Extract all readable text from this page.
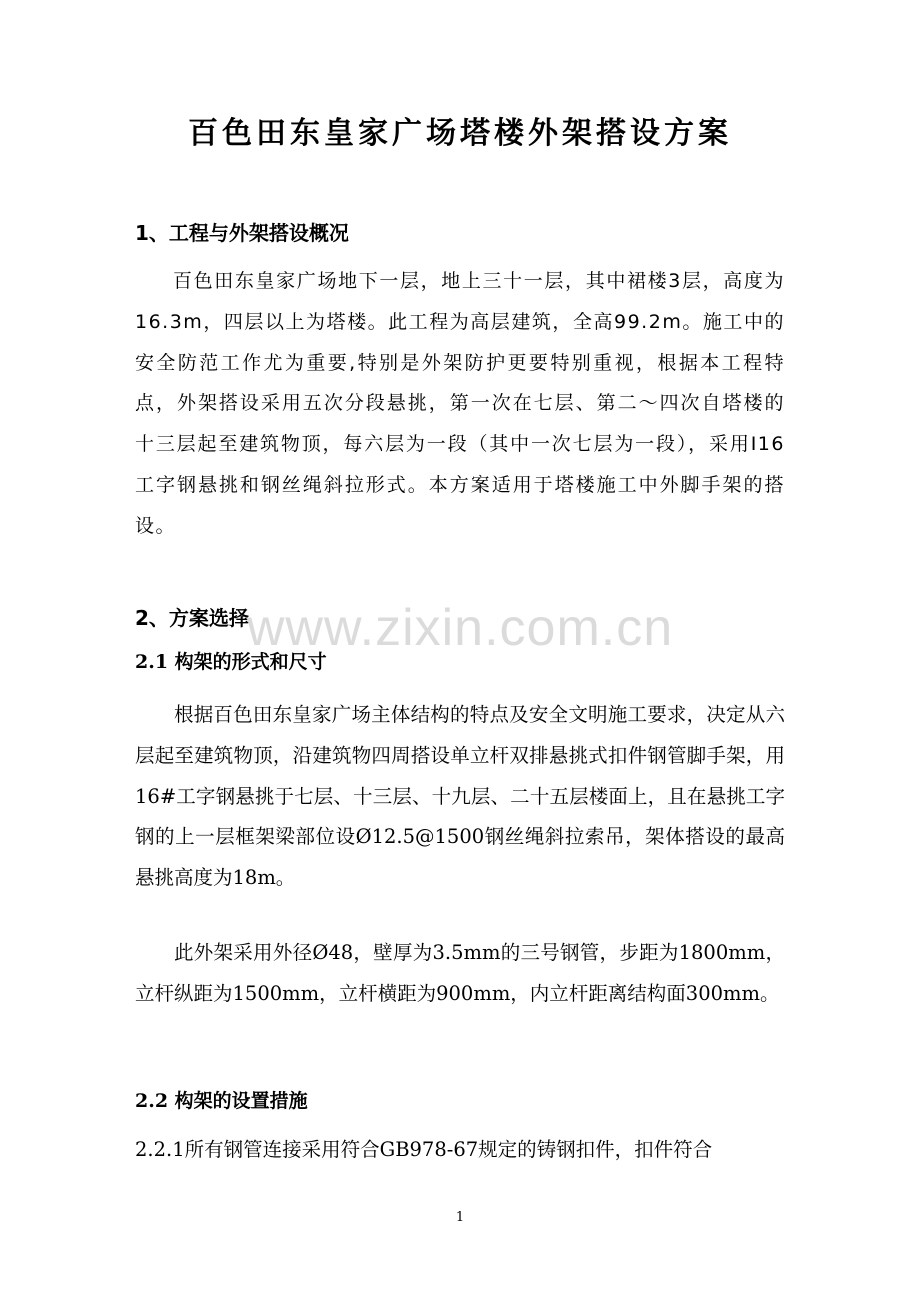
百色田东皇家广场塔楼外架搭设方案
1、工程与外架搭设概况

百色田东皇家广场地下一层，地上三十一层，其中裙楼3层，高度为16.3m，四层以上为塔楼。此工程为高层建筑，全高99.2m。施工中的安全防范工作尤为重要,特别是外架防护更要特别重视，根据本工程特点，外架搭设采用五次分段悬挑，第一次在七层、第二～四次自塔楼的十三层起至建筑物顶，每六层为一段（其中一次七层为一段），采用I16工字钢悬挑和钢丝绳斜拉形式。本方案适用于塔楼施工中外脚手架的搭设。

2、方案选择
www.zixin.com.cn
2.1 构架的形式和尺寸

根据百色田东皇家广场主体结构的特点及安全文明施工要求，决定从六层起至建筑物顶，沿建筑物四周搭设单立杆双排悬挑式扣件钢管脚手架，用16#工字钢悬挑于七层、十三层、十九层、二十五层楼面上，且在悬挑工字钢的上一层框架梁部位设Ø12.5@1500钢丝绳斜拉索吊，架体搭设的最高悬挑高度为18m。

此外架采用外径Ø48，壁厚为3.5mm的三号钢管，步距为1800mm，立杆纵距为1500mm，立杆横距为900mm，内立杆距离结构面300mm。

2.2 构架的设置措施

2.2.1所有钢管连接采用符合GB978-67规定的铸钢扣件，扣件符合

1
